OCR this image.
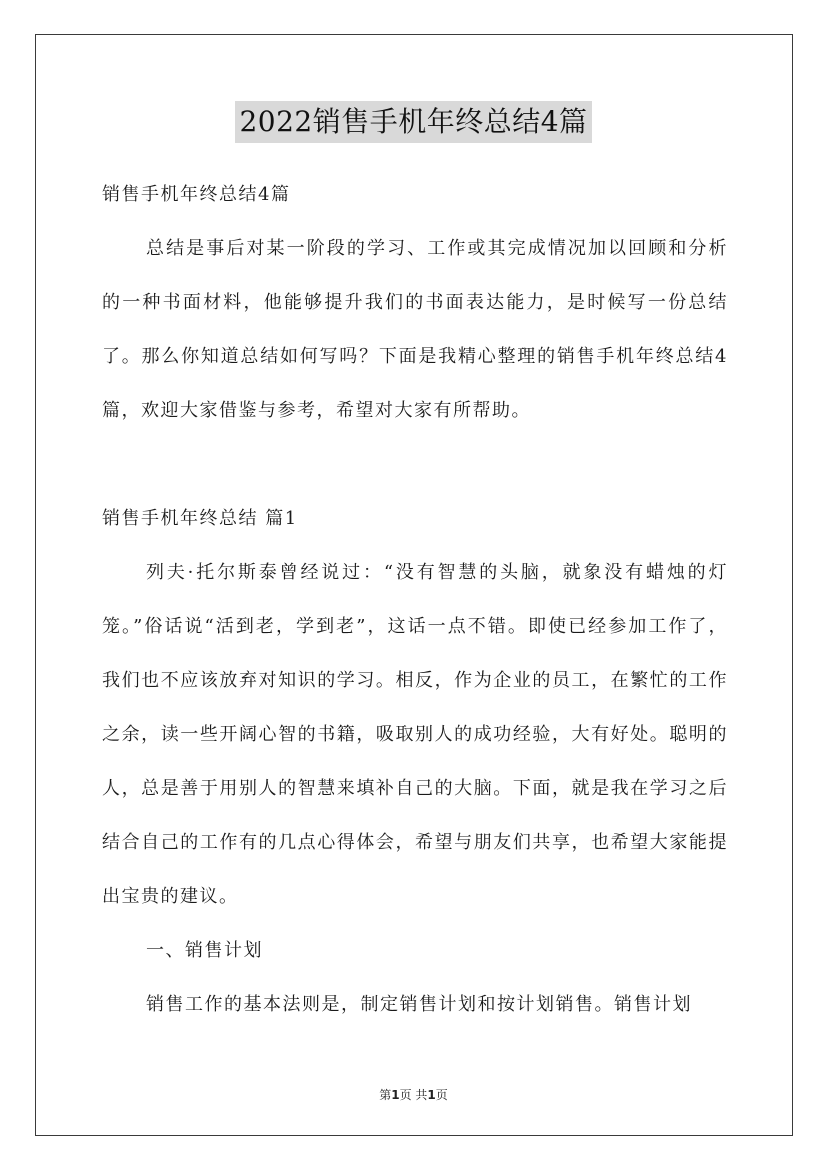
2022销售手机年终总结4篇

销售手机年终总结4篇

总结是事后对某一阶段的学习、工作或其完成情况加以回顾和分析的一种书面材料，他能够提升我们的书面表达能力，是时候写一份总结了。那么你知道总结如何写吗？下面是我精心整理的销售手机年终总结4篇，欢迎大家借鉴与参考，希望对大家有所帮助。

销售手机年终总结 篇1

列夫·托尔斯泰曾经说过：“没有智慧的头脑，就象没有蜡烛的灯笼。”俗话说“活到老，学到老”，这话一点不错。即使已经参加工作了，我们也不应该放弃对知识的学习。相反，作为企业的员工，在繁忙的工作之余，读一些开阔心智的书籍，吸取别人的成功经验，大有好处。聪明的人，总是善于用别人的智慧来填补自己的大脑。下面，就是我在学习之后结合自己的工作有的几点心得体会，希望与朋友们共享，也希望大家能提出宝贵的建议。

一、销售计划

销售工作的基本法则是，制定销售计划和按计划销售。销售计划

第1页 共1页
